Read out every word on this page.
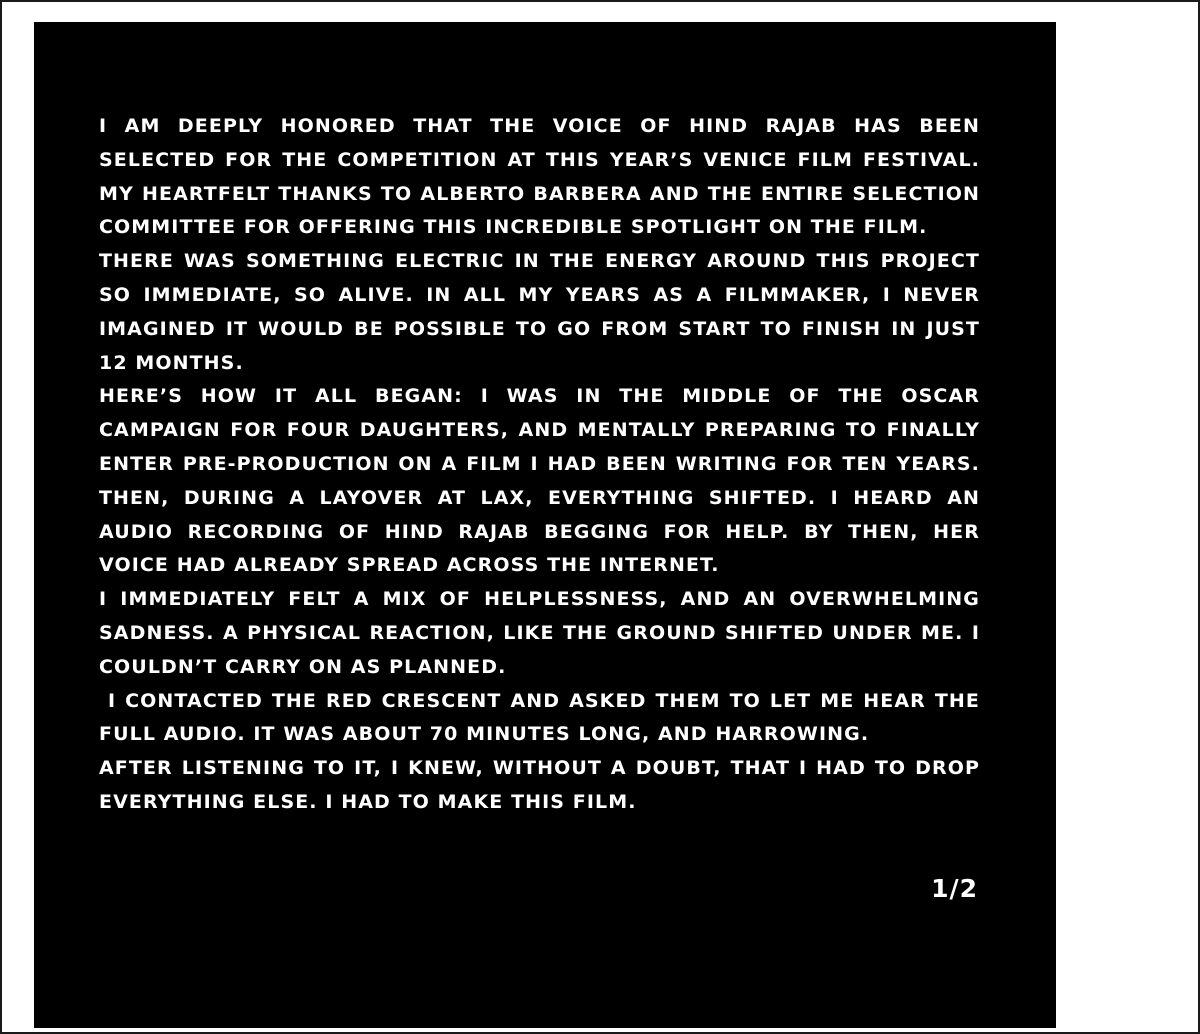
I AM DEEPLY HONORED THAT THE VOICE OF HIND RAJAB HAS BEEN SELECTED FOR THE COMPETITION AT THIS YEAR’S VENICE FILM FESTIVAL. MY HEARTFELT THANKS TO ALBERTO BARBERA AND THE ENTIRE SELECTION COMMITTEE FOR OFFERING THIS INCREDIBLE SPOTLIGHT ON THE FILM.

THERE WAS SOMETHING ELECTRIC IN THE ENERGY AROUND THIS PROJECT SO IMMEDIATE, SO ALIVE. IN ALL MY YEARS AS A FILMMAKER, I NEVER IMAGINED IT WOULD BE POSSIBLE TO GO FROM START TO FINISH IN JUST 12 MONTHS.

HERE’S HOW IT ALL BEGAN: I WAS IN THE MIDDLE OF THE OSCAR CAMPAIGN FOR FOUR DAUGHTERS, AND MENTALLY PREPARING TO FINALLY ENTER PRE-PRODUCTION ON A FILM I HAD BEEN WRITING FOR TEN YEARS. THEN, DURING A LAYOVER AT LAX, EVERYTHING SHIFTED. I HEARD AN AUDIO RECORDING OF HIND RAJAB BEGGING FOR HELP. BY THEN, HER VOICE HAD ALREADY SPREAD ACROSS THE INTERNET.

I IMMEDIATELY FELT A MIX OF HELPLESSNESS, AND AN OVERWHELMING SADNESS. A PHYSICAL REACTION, LIKE THE GROUND SHIFTED UNDER ME. I COULDN’T CARRY ON AS PLANNED.

I CONTACTED THE RED CRESCENT AND ASKED THEM TO LET ME HEAR THE FULL AUDIO. IT WAS ABOUT 70 MINUTES LONG, AND HARROWING.

AFTER LISTENING TO IT, I KNEW, WITHOUT A DOUBT, THAT I HAD TO DROP EVERYTHING ELSE. I HAD TO MAKE THIS FILM.

1/2
